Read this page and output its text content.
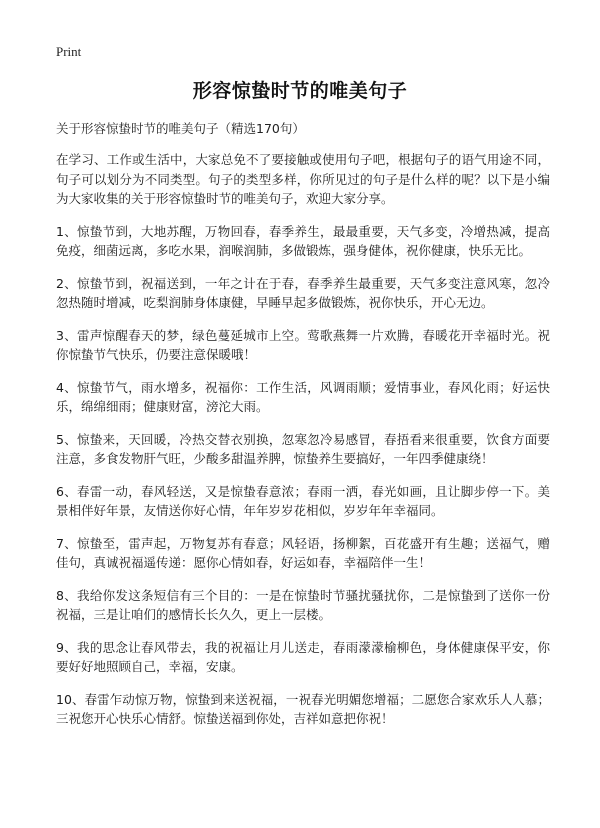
Print
形容惊蛰时节的唯美句子
关于形容惊蛰时节的唯美句子（精选170句）

在学习、工作或生活中，大家总免不了要接触或使用句子吧，根据句子的语气用途不同，句子可以划分为不同类型。句子的类型多样，你所见过的句子是什么样的呢？以下是小编为大家收集的关于形容惊蛰时节的唯美句子，欢迎大家分享。

1、惊蛰节到，大地苏醒，万物回春，春季养生，最最重要，天气多变，冷增热减，提高免疫，细菌远离，多吃水果，润喉润肺，多做锻炼，强身健体，祝你健康，快乐无比。

2、惊蛰节到，祝福送到，一年之计在于春，春季养生最重要，天气多变注意风寒，忽冷忽热随时增减，吃梨润肺身体康健，早睡早起多做锻炼，祝你快乐，开心无边。

3、雷声惊醒春天的梦，绿色蔓延城市上空。莺歌燕舞一片欢腾，春暖花开幸福时光。祝你惊蛰节气快乐，仍要注意保暖哦！

4、惊蛰节气，雨水增多，祝福你：工作生活，风调雨顺；爱情事业，春风化雨；好运快乐，绵绵细雨；健康财富，滂沱大雨。

5、惊蛰来，天回暖，冷热交替衣别换，忽寒忽冷易感冒，春捂看来很重要，饮食方面要注意，多食发物肝气旺，少酸多甜温养脾，惊蛰养生要搞好，一年四季健康绕！

6、春雷一动，春风轻送，又是惊蛰春意浓；春雨一洒，春光如画，且让脚步停一下。美景相伴好年景，友情送你好心情，年年岁岁花相似，岁岁年年幸福同。

7、惊蛰至，雷声起，万物复苏有春意；风轻语，扬柳絮，百花盛开有生趣；送福气，赠佳句，真诚祝福遥传递：愿你心情如春，好运如春，幸福陪伴一生！

8、我给你发这条短信有三个目的：一是在惊蛰时节骚扰骚扰你，二是惊蛰到了送你一份祝福，三是让咱们的感情长长久久，更上一层楼。

9、我的思念让春风带去，我的祝福让月儿送走，春雨濛濛榆柳色，身体健康保平安，你要好好地照顾自己，幸福，安康。

10、春雷乍动惊万物，惊蛰到来送祝福，一祝春光明媚您增福；二愿您合家欢乐人人慕；三祝您开心快乐心情舒。惊蛰送福到你处，吉祥如意把你祝！
